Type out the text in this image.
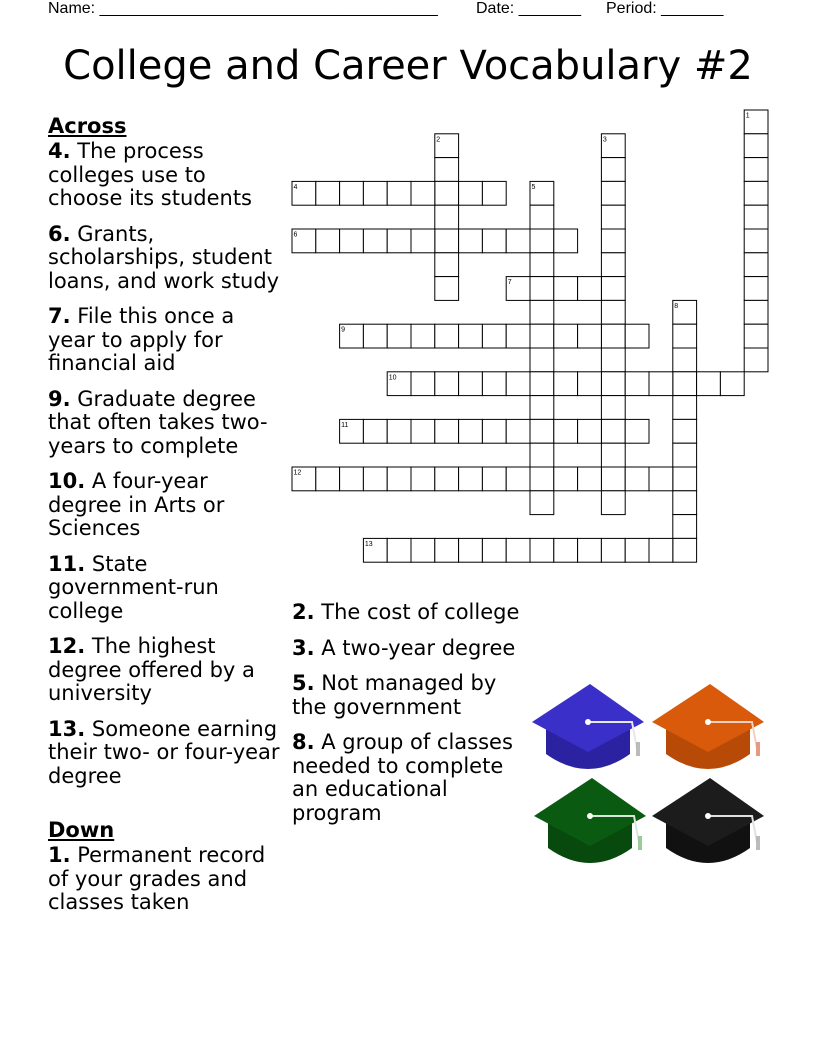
Name: ______________________________________ Date: _______ Period: _______
College and Career Vocabulary #2
Across
4. The process colleges use to choose its students
6. Grants, scholarships, student loans, and work study
7. File this once a year to apply for financial aid
9. Graduate degree that often takes two-years to complete
10. A four-year degree in Arts or Sciences
11. State government-run college
12. The highest degree offered by a university
13. Someone earning their two- or four-year degree
Down
1. Permanent record of your grades and classes taken
2. The cost of college
3. A two-year degree
5. Not managed by the government
8. A group of classes needed to complete an educational program
1
2	3
4	5
6
7
8
9
10
11
12
13
